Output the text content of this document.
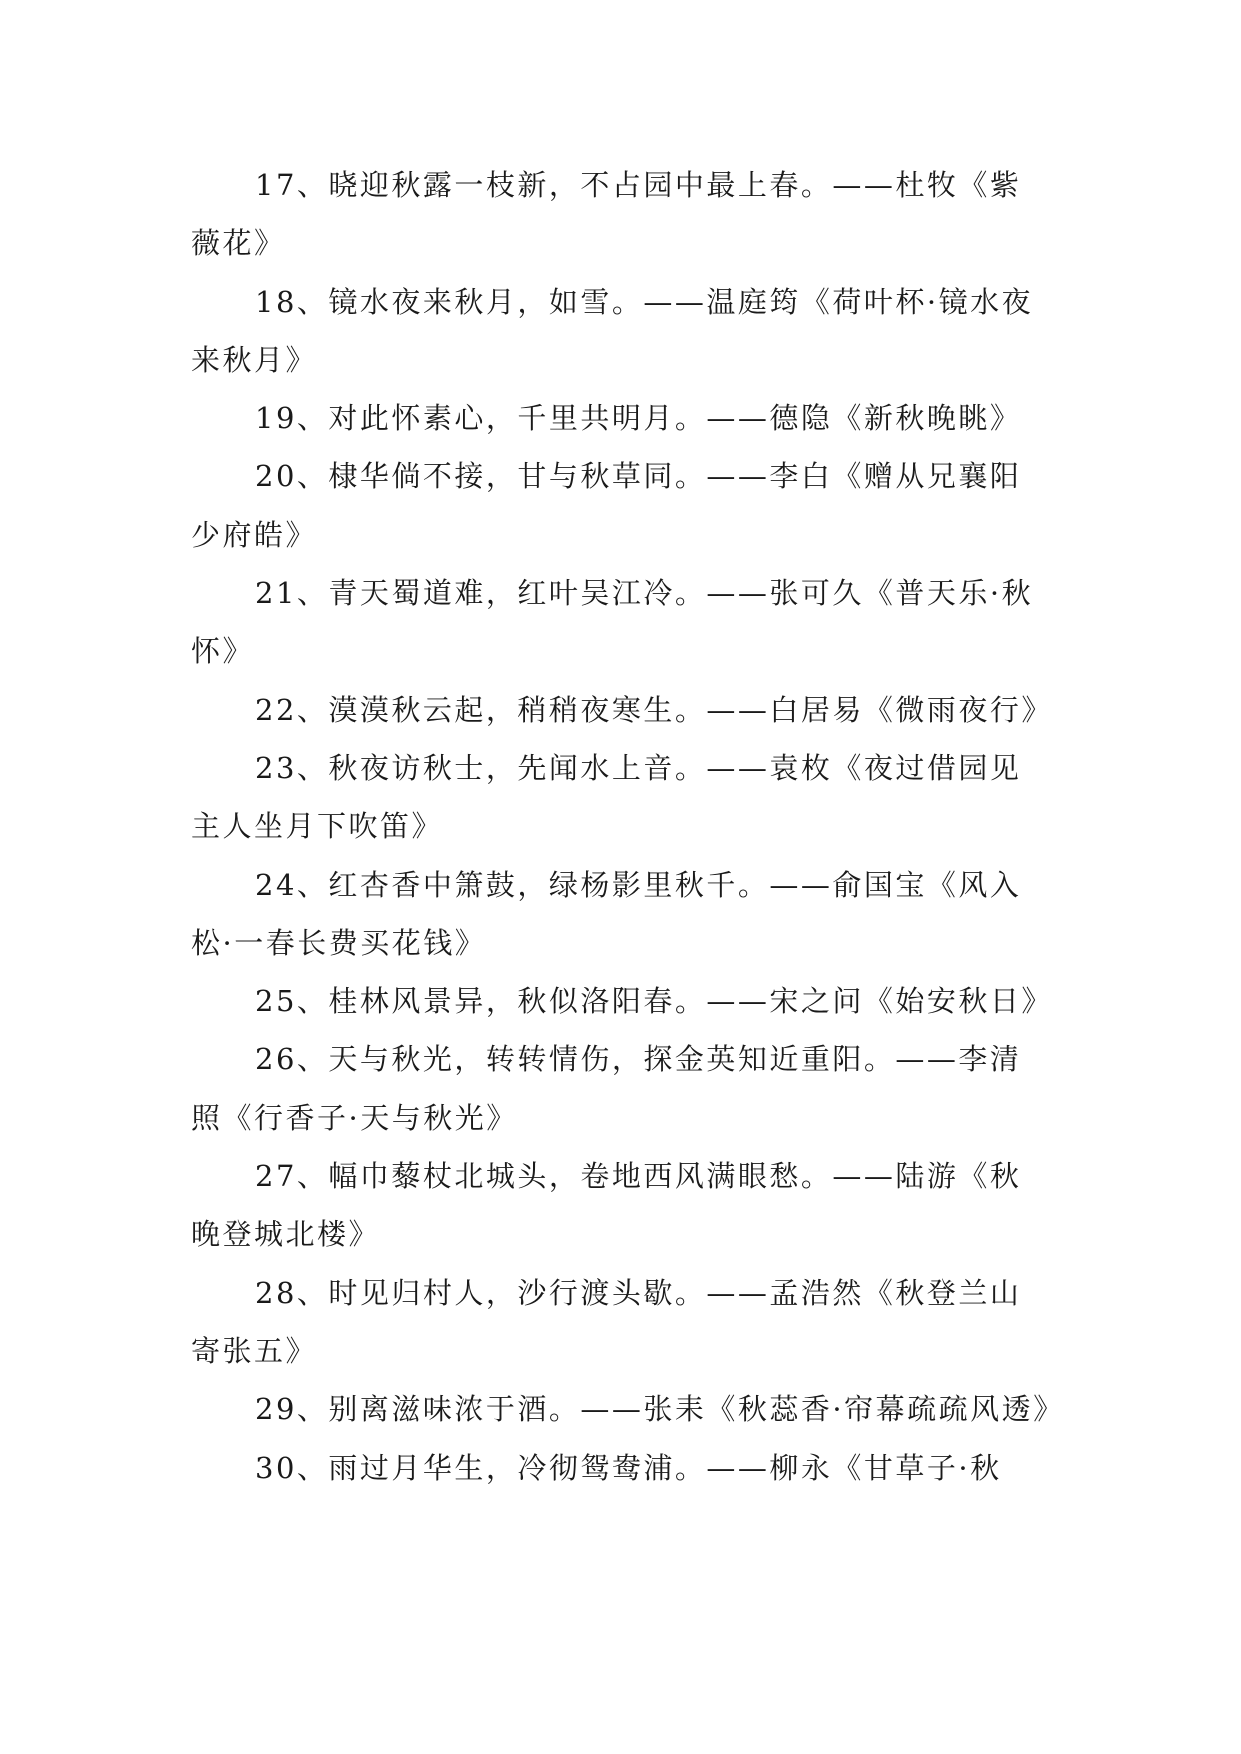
17、晓迎秋露一枝新，不占园中最上春。——杜牧《紫薇花》

18、镜水夜来秋月，如雪。——温庭筠《荷叶杯·镜水夜来秋月》

19、对此怀素心，千里共明月。——德隐《新秋晚眺》

20、棣华倘不接，甘与秋草同。——李白《赠从兄襄阳少府皓》

21、青天蜀道难，红叶吴江冷。——张可久《普天乐·秋怀》

22、漠漠秋云起，稍稍夜寒生。——白居易《微雨夜行》

23、秋夜访秋士，先闻水上音。——袁枚《夜过借园见主人坐月下吹笛》

24、红杏香中箫鼓，绿杨影里秋千。——俞国宝《风入松·一春长费买花钱》

25、桂林风景异，秋似洛阳春。——宋之问《始安秋日》

26、天与秋光，转转情伤，探金英知近重阳。——李清照《行香子·天与秋光》

27、幅巾藜杖北城头，卷地西风满眼愁。——陆游《秋晚登城北楼》

28、时见归村人，沙行渡头歇。——孟浩然《秋登兰山寄张五》

29、别离滋味浓于酒。——张耒《秋蕊香·帘幕疏疏风透》

30、雨过月华生，冷彻鸳鸯浦。——柳永《甘草子·秋
